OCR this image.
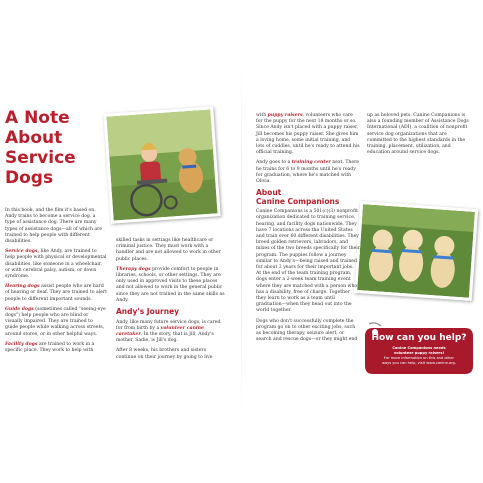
A Note
About
Service
Dogs

In this book, and the film it's based on, Andy trains to become a service dog, a type of assistance dog. There are many types of assistance dogs—all of which are trained to help people with different disabilities.

Service dogs, like Andy, are trained to help people with physical or developmental disabilities, like someone in a wheelchair, or with cerebral palsy, autism, or down syndrome.

Hearing dogs assist people who are hard of hearing or deaf. They are trained to alert people to different important sounds.

Guide dogs (sometimes called "seeing-eye dogs") help people who are blind or visually impaired. They are trained to guide people while walking across streets, around stores, or in other helpful ways.

Facility dogs are trained to work in a specific place. They work to help with

skilled tasks in settings like healthcare or criminal justice. They must work with a handler and are not allowed to work in other public places.

Therapy dogs provide comfort to people in libraries, schools, or other settings. They are only used in approved visits to these places and not allowed to work in the general public since they are not trained in the same skills as Andy.

Andy's Journey

Andy, like many future service dogs, is cared for from birth by a volunteer canine caretaker. In the story, that is Jill, Andy's mother, Sadie, is Jill's dog.

After 8 weeks, his brothers and sisters continue on their journey by going to live

with puppy raisers, volunteers who care for the puppy for the next 18 months or so. Since Andy isn't placed with a puppy raiser, Jill becomes his puppy raiser. She gives him a loving home, some initial training, and lots of cuddles, until he's ready to attend his official training.

Andy goes to a training center next. There he trains for 6 to 9 months until he's ready for graduation, where he's matched with Olivia.

About
Canine Companions

Canine Companions is a 501(c)(3) nonprofit organization dedicated to training service, hearing, and facility dogs nationwide. They have 7 locations across the United States and train over 60 different disabilities. They breed golden retrievers, labradors, and mixes of the two breeds specifically for their program. The puppies follow a journey similar to Andy's—being raised and trained for about 2 years for their important jobs. At the end of the team training program, dogs enter a 2-week team training event where they are matched with a person who has a disability, free of charge. Together they learn to work as a team until graduation—when they head out into the world together.

Dogs who don't successfully complete the program go on to other exciting jobs, such as becoming therapy, seizure alert, or search and rescue dogs—or they might end

up as beloved pets. Canine Companions is also a founding member of Assistance Dogs International (ADI), a coalition of nonprofit service dog organizations that are committed to the highest standards in the training, placement, utilization, and education around service dogs.

How can you help?
Canine Companions needs
volunteer puppy raisers!
For more information on this and other
ways you can help, visit www.canine.org.
